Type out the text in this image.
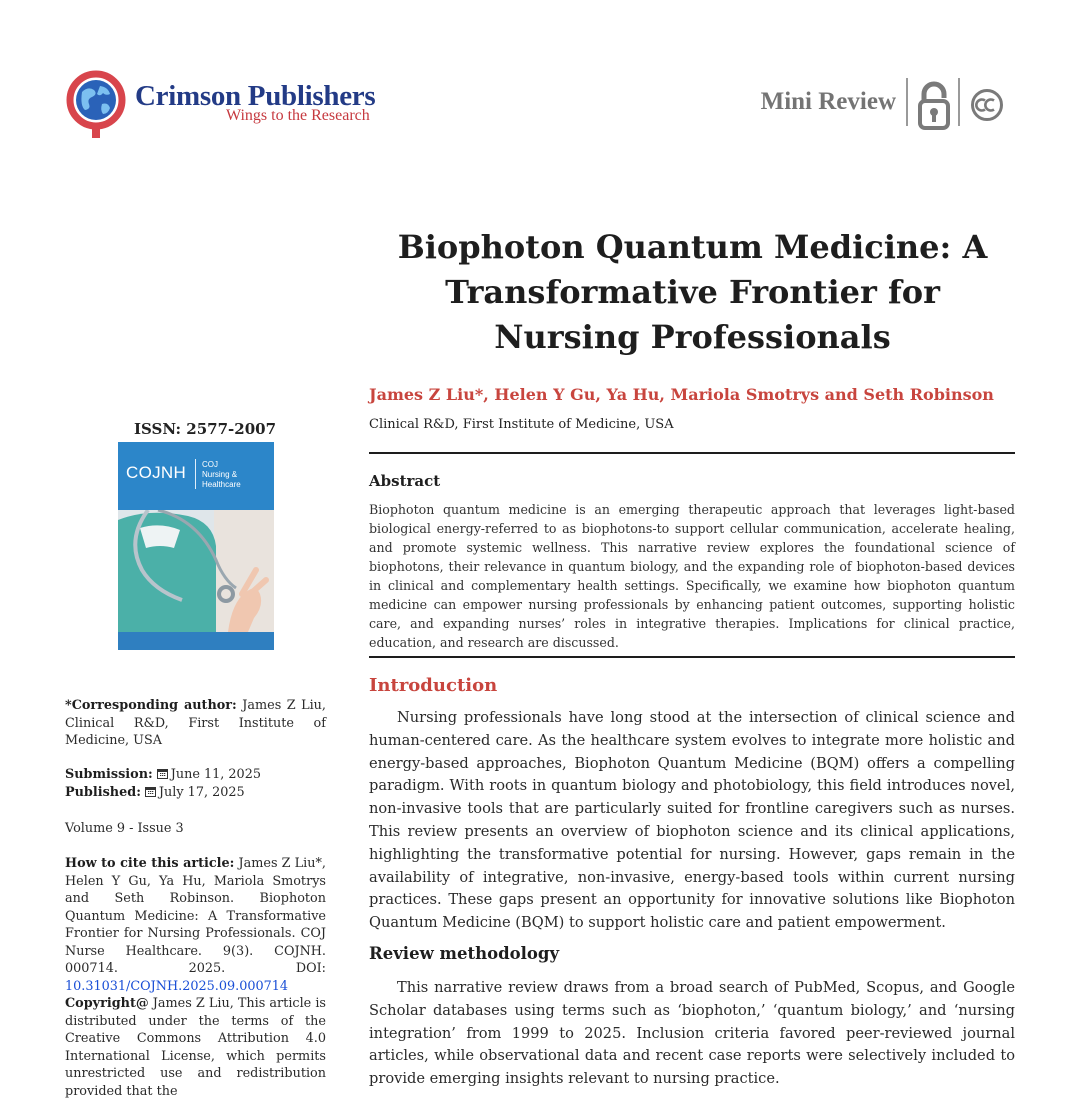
Crimson Publishers
Wings to the Research
Mini Review
Biophoton Quantum Medicine: A Transformative Frontier for Nursing Professionals
James Z Liu*, Helen Y Gu, Ya Hu, Mariola Smotrys and Seth Robinson
Clinical R&D, First Institute of Medicine, USA
Abstract
Biophoton quantum medicine is an emerging therapeutic approach that leverages light-based biological energy-referred to as biophotons-to support cellular communication, accelerate healing, and promote systemic wellness. This narrative review explores the foundational science of biophotons, their relevance in quantum biology, and the expanding role of biophoton-based devices in clinical and complementary health settings. Specifically, we examine how biophoton quantum medicine can empower nursing professionals by enhancing patient outcomes, supporting holistic care, and expanding nurses’ roles in integrative therapies. Implications for clinical practice, education, and research are discussed.
Introduction
Nursing professionals have long stood at the intersection of clinical science and human-centered care. As the healthcare system evolves to integrate more holistic and energy-based approaches, Biophoton Quantum Medicine (BQM) offers a compelling paradigm. With roots in quantum biology and photobiology, this field introduces novel, non-invasive tools that are particularly suited for frontline caregivers such as nurses. This review presents an overview of biophoton science and its clinical applications, highlighting the transformative potential for nursing. However, gaps remain in the availability of integrative, non-invasive, energy-based tools within current nursing practices. These gaps present an opportunity for innovative solutions like Biophoton Quantum Medicine (BQM) to support holistic care and patient empowerment.
Review methodology
This narrative review draws from a broad search of PubMed, Scopus, and Google Scholar databases using terms such as ‘biophoton,’ ‘quantum biology,’ and ‘nursing integration’ from 1999 to 2025. Inclusion criteria favored peer-reviewed journal articles, while observational data and recent case reports were selectively included to provide emerging insights relevant to nursing practice.
ISSN: 2577-2007
COJNH COJ
Nursing &
Healthcare
*Corresponding author: James Z Liu, Clinical R&D, First Institute of Medicine, USA
Submission: June 11, 2025
Published: July 17, 2025
Volume 9 - Issue 3
How to cite this article: James Z Liu*, Helen Y Gu, Ya Hu, Mariola Smotrys and Seth Robinson. Biophoton Quantum Medicine: A Transformative Frontier for Nursing Professionals. COJ Nurse Healthcare. 9(3). COJNH. 000714. 2025.	DOI: 10.31031/COJNH.2025.09.000714
Copyright@ James Z Liu, This article is distributed under the terms of the Creative Commons Attribution 4.0 International License, which permits unrestricted use and redistribution provided that the
